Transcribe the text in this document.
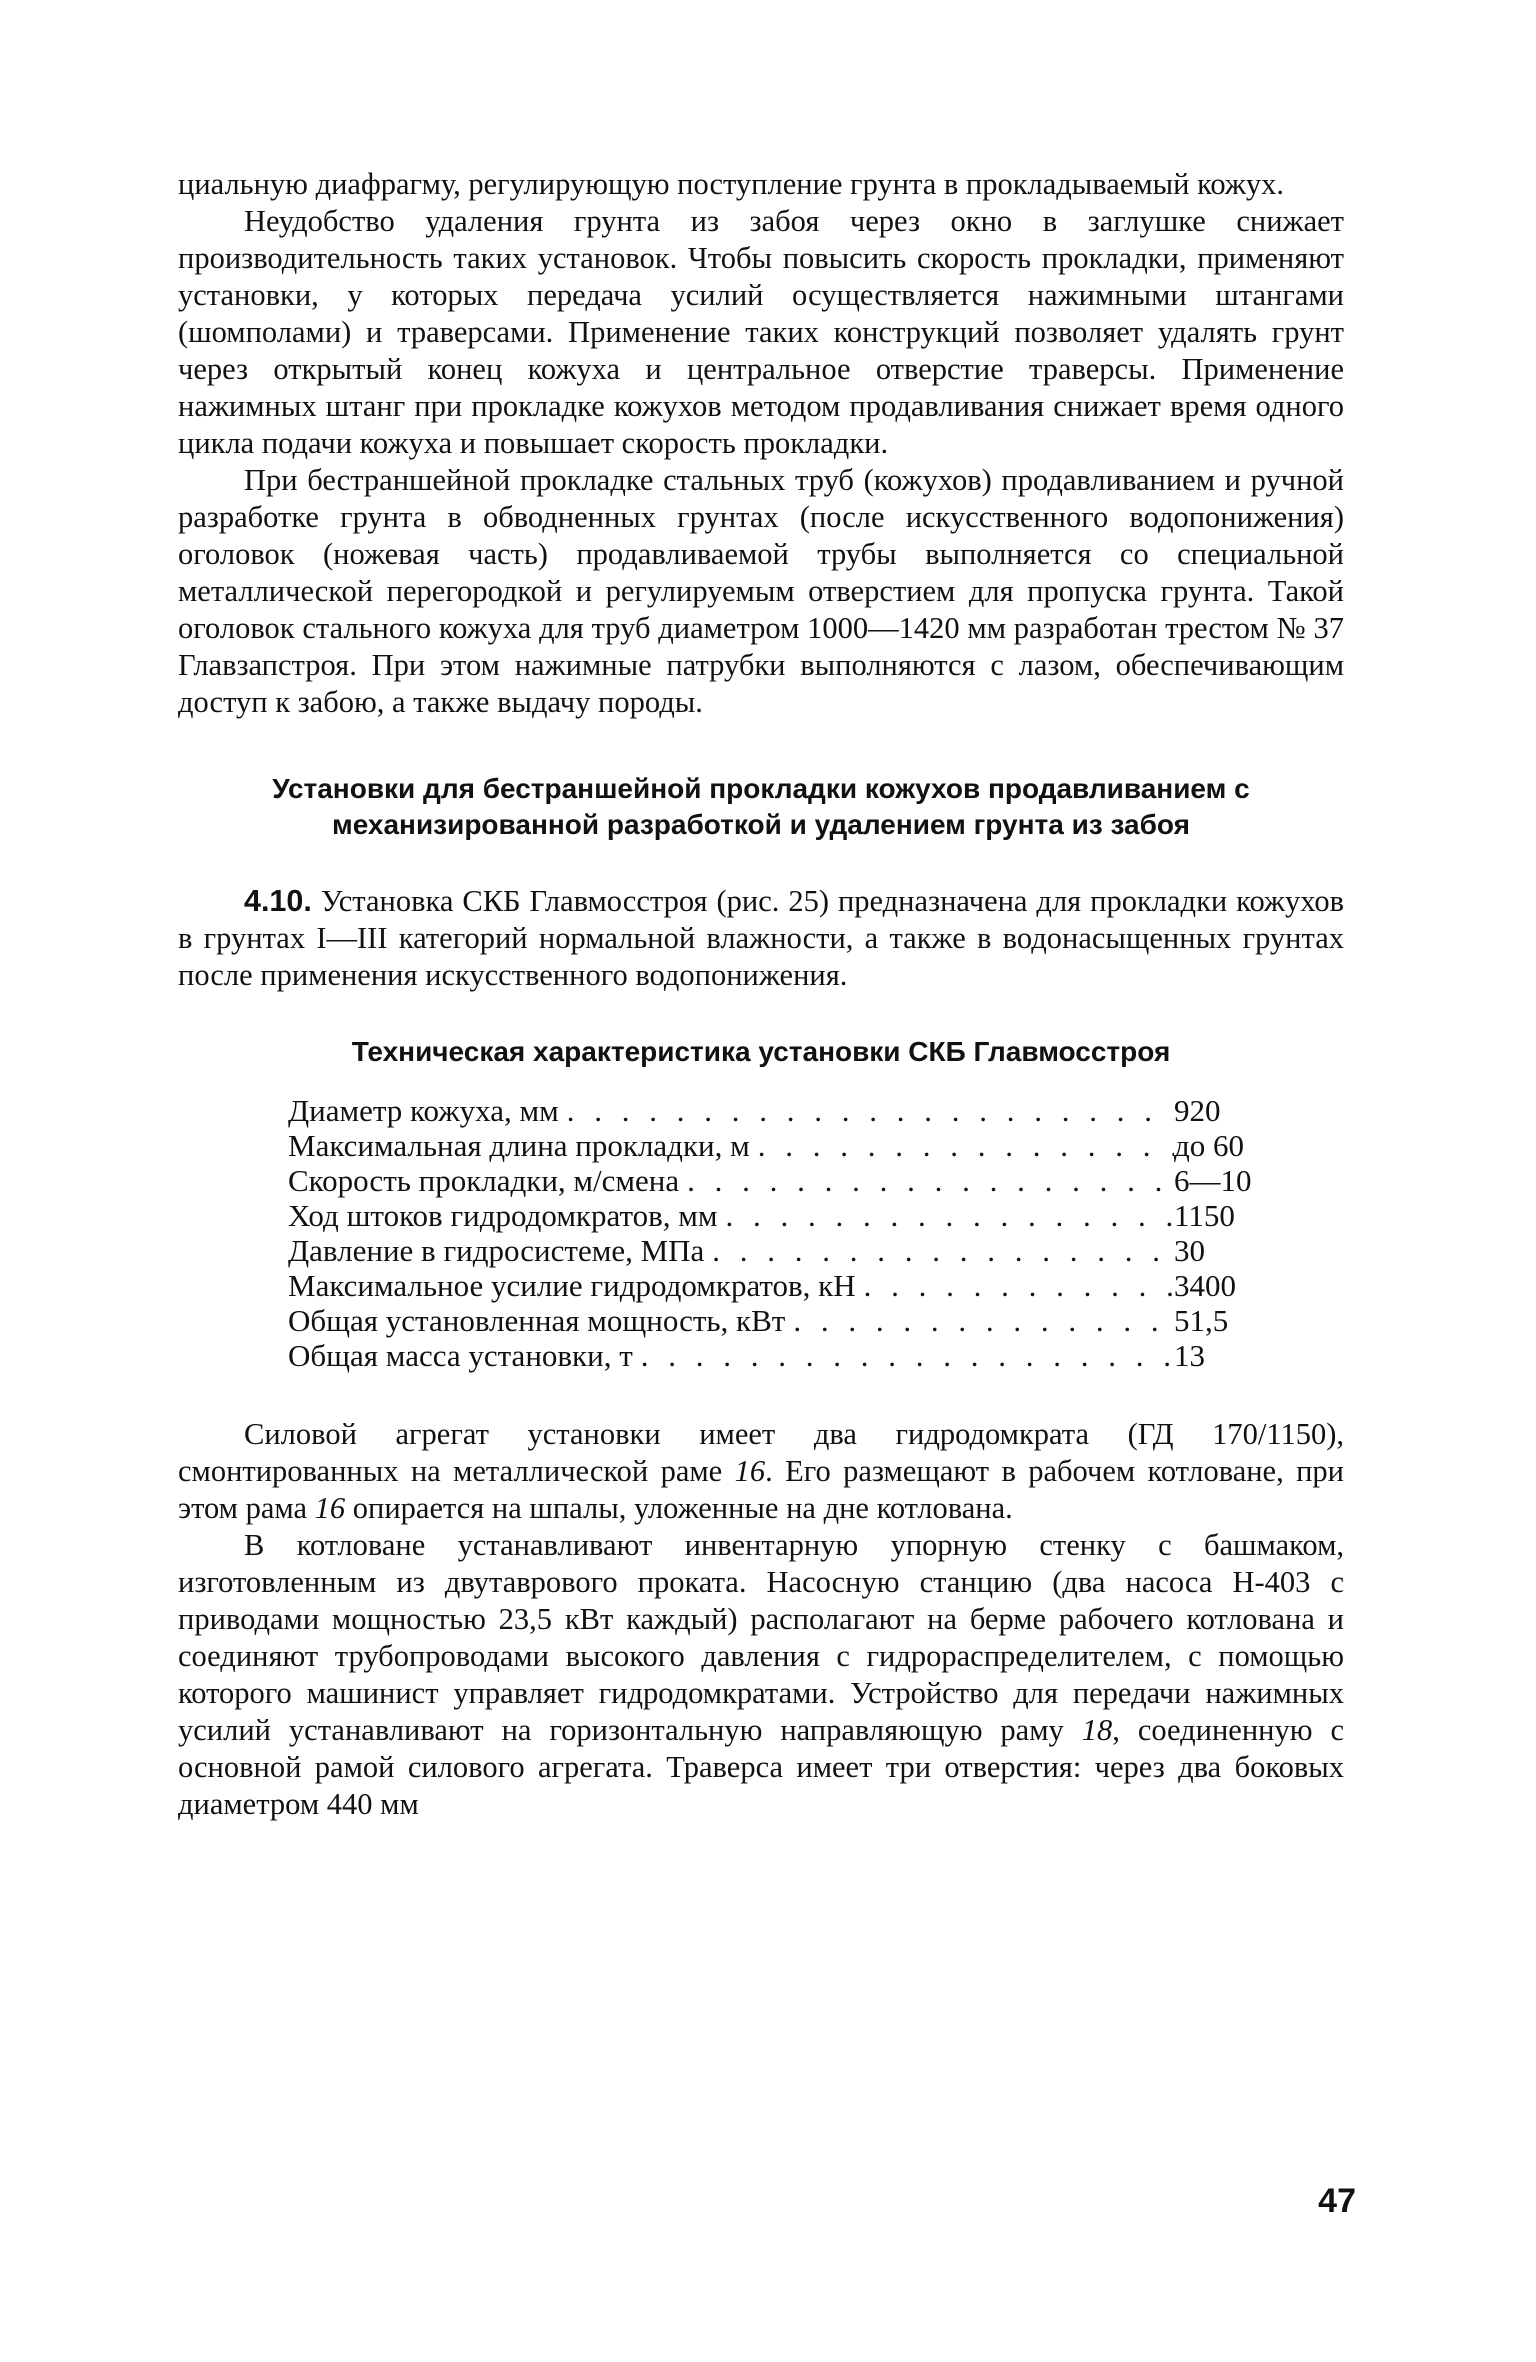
циальную диафрагму, регулирующую поступление грунта в прокладываемый кожух.

Неудобство удаления грунта из забоя через окно в заглушке снижает производительность таких установок. Чтобы повысить скорость прокладки, применяют установки, у которых передача усилий осуществляется нажимными штангами (шомполами) и траверсами. Применение таких конструкций позволяет удалять грунт через открытый конец кожуха и центральное отверстие траверсы. Применение нажимных штанг при прокладке кожухов методом продавливания снижает время одного цикла подачи кожуха и повышает скорость прокладки.

При бестраншейной прокладке стальных труб (кожухов) продавливанием и ручной разработке грунта в обводненных грунтах (после искусственного водопонижения) оголовок (ножевая часть) продавливаемой трубы выполняется со специальной металлической перегородкой и регулируемым отверстием для пропуска грунта. Такой оголовок стального кожуха для труб диаметром 1000—1420 мм разработан трестом № 37 Главзапстроя. При этом нажимные патрубки выполняются с лазом, обеспечивающим доступ к забою, а также выдачу породы.

Установки для бестраншейной прокладки кожухов продавливанием с механизированной разработкой и удалением грунта из забоя

4.10. Установка СКБ Главмосстроя (рис. 25) предназначена для прокладки кожухов в грунтах I—III категорий нормальной влажности, а также в водонасыщенных грунтах после применения искусственного водопонижения.

Техническая характеристика установки СКБ Главмосстроя

Диаметр кожуха, мм . . .	920
Максимальная длина прокладки, м . . .	до 60
Скорость прокладки, м/смена . . .	6—10
Ход штоков гидродомкратов, мм . . .	1150
Давление в гидросистеме, МПа . . .	30
Максимальное усилие гидродомкратов, кН . . .	3400
Общая установленная мощность, кВт . . .	51,5
Общая масса установки, т . . .	13

Силовой агрегат установки имеет два гидродомкрата (ГД 170/1150), смонтированных на металлической раме 16. Его размещают в рабочем котловане, при этом рама 16 опирается на шпалы, уложенные на дне котлована.

В котловане устанавливают инвентарную упорную стенку с башмаком, изготовленным из двутаврового проката. Насосную станцию (два насоса Н-403 с приводами мощностью 23,5 кВт каждый) располагают на берме рабочего котлована и соединяют трубопроводами высокого давления с гидрораспределителем, с помощью которого машинист управляет гидродомкратами. Устройство для передачи нажимных усилий устанавливают на горизонтальную направляющую раму 18, соединенную с основной рамой силового агрегата. Траверса имеет три отверстия: через два боковых диаметром 440 мм

47
